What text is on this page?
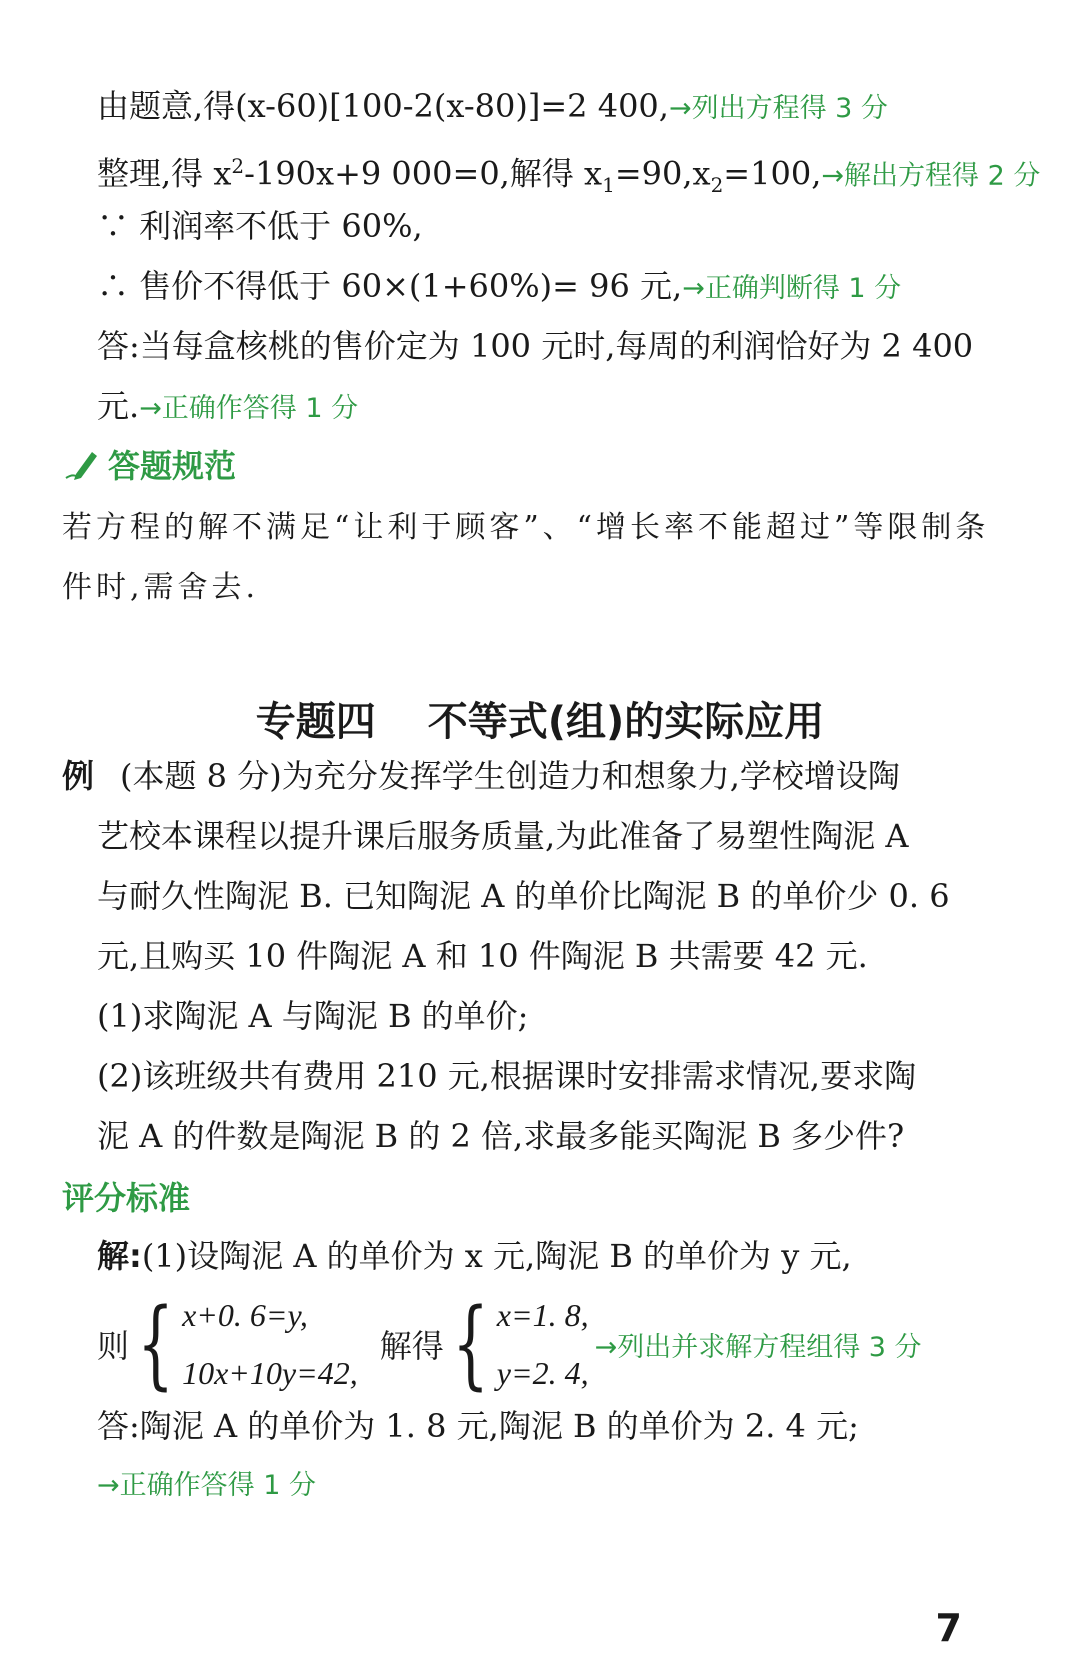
由题意,得(x-60)[100-2(x-80)]=2 400,→列出方程得 3 分
整理,得 $x^2-190x+9$ 000=0,解得 $x_1=90,x_2=100,\to$解出方程得 2 分
∵ 利润率不低于 60%,
∴ 售价不得低于 60×(1+60%)= 96 元,→正确判断得 1 分
答:当每盒核桃的售价定为 100 元时,每周的利润恰好为 2 400
元.→正确作答得 1 分
答题规范
若方程的解不满足“让利于顾客”、“增长率不能超过”等限制条
件时,需舍去.
专题四 不等式(组)的实际应用
例 (本题 8 分)为充分发挥学生创造力和想象力,学校增设陶
艺校本课程以提升课后服务质量,为此准备了易塑性陶泥 A
与耐久性陶泥 B. 已知陶泥 A 的单价比陶泥 B 的单价少 0. 6
元,且购买 10 件陶泥 A 和 10 件陶泥 B 共需要 42 元.
(1)求陶泥 A 与陶泥 B 的单价;
(2)该班级共有费用 210 元,根据课时安排需求情况,要求陶
泥 A 的件数是陶泥 B 的 2 倍,求最多能买陶泥 B 多少件?
评分标准
解:(1)设陶泥 A 的单价为 x 元,陶泥 B 的单价为 y 元,
则 { x+0. 6=y,
10x+10y=42,
解得 { x=1. 8,
y=2. 4,
→列出并求解方程组得 3 分
答:陶泥 A 的单价为 1. 8 元,陶泥 B 的单价为 2. 4 元;
→正确作答得 1 分
7
